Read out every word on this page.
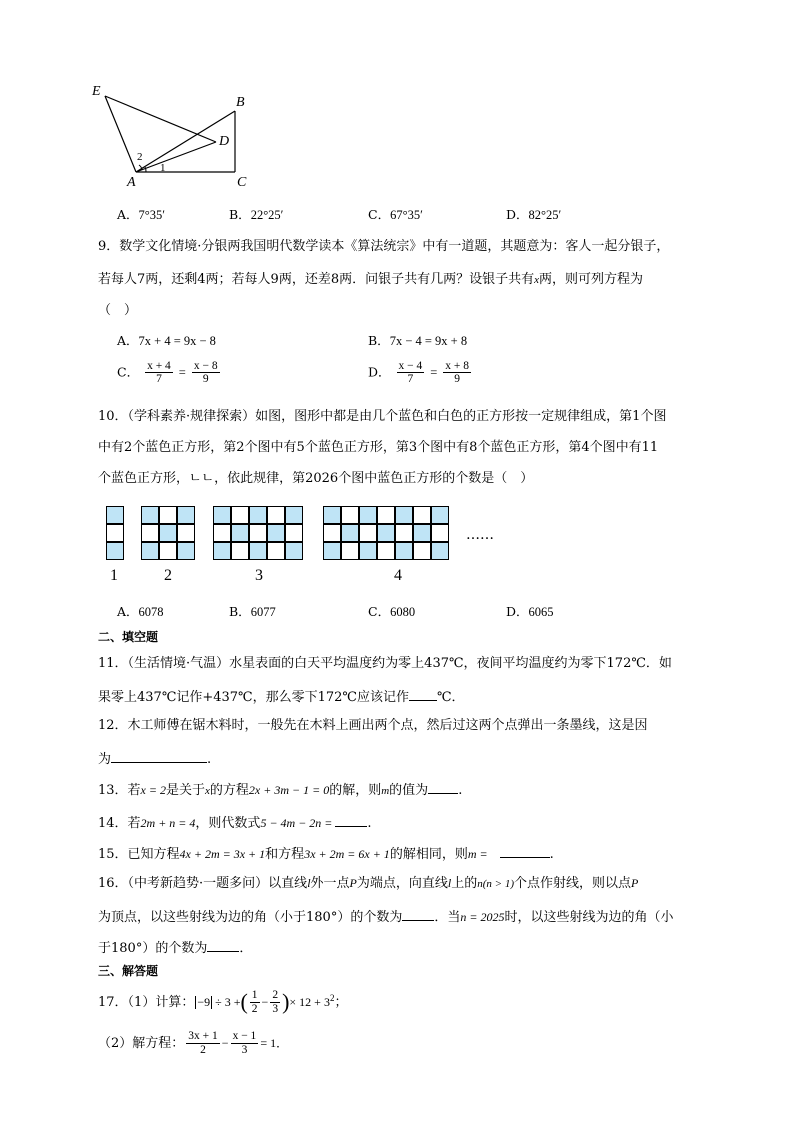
E
B
D
A	C
1
2
A．7°35′	B．22°25′	C．67°35′	D．82°25′
9．数学文化情境·分银两我国明代数学读本《算法统宗》中有一道题，其题意为：客人一起分银子，
若每人7两，还剩4两；若每人9两，还差8两．问银子共有几两？设银子共有x两，则可列方程为
（　）
A．7x + 4 = 9x − 8	B．7x − 4 = 9x + 8
C． $\frac{x + 4}{7} = \frac{x - 8}{9}$	D． $\frac{x - 4}{7} = \frac{x + 8}{9}$
10．（学科素养·规律探索）如图，图形中都是由几个蓝色和白色的正方形按一定规律组成，第1个图
中有2个蓝色正方形，第2个图中有5个蓝色正方形，第3个图中有8个蓝色正方形，第4个图中有11
个蓝色正方形，ㄴㄴ，依此规律，第2026个图中蓝色正方形的个数是（　）
1	2	3	4
……
A．6078	B．6077	C．6080	D．6065
二、填空题
11．（生活情境·气温）水星表面的白天平均温度约为零上437℃，夜间平均温度约为零下172℃．如
果零上437℃记作+437℃，那么零下172℃应该记作 ℃．
12．木工师傅在锯木料时，一般先在木料上画出两个点，然后过这两个点弹出一条墨线，这是因
为	.
13．若x = 2是关于x的方程2x + 3m − 1 = 0的解，则m的值为 .
14．若2m + n = 4，则代数式5 − 4m − 2n =	.
15．已知方程4x + 2m = 3x + 1和方程3x + 2m = 6x + 1的解相同，则m =	.
16．（中考新趋势·一题多问）以直线l外一点P为端点，向直线l上的n(n > 1)个点作射线，则以点P
为顶点，以这些射线为边的角（小于180°）的个数为 ．当n = 2025时，以这些射线为边的角（小
于180°）的个数为 ．
三、解答题
17．（1）计算： −9 ÷ 3 + ( $\frac{1}{2} - \frac{2}{3}$ ) × $12 + 3^2$ ；
（2）解方程： $\frac{3x + 1}{2} - \frac{x - 1}{3} = 1$．
